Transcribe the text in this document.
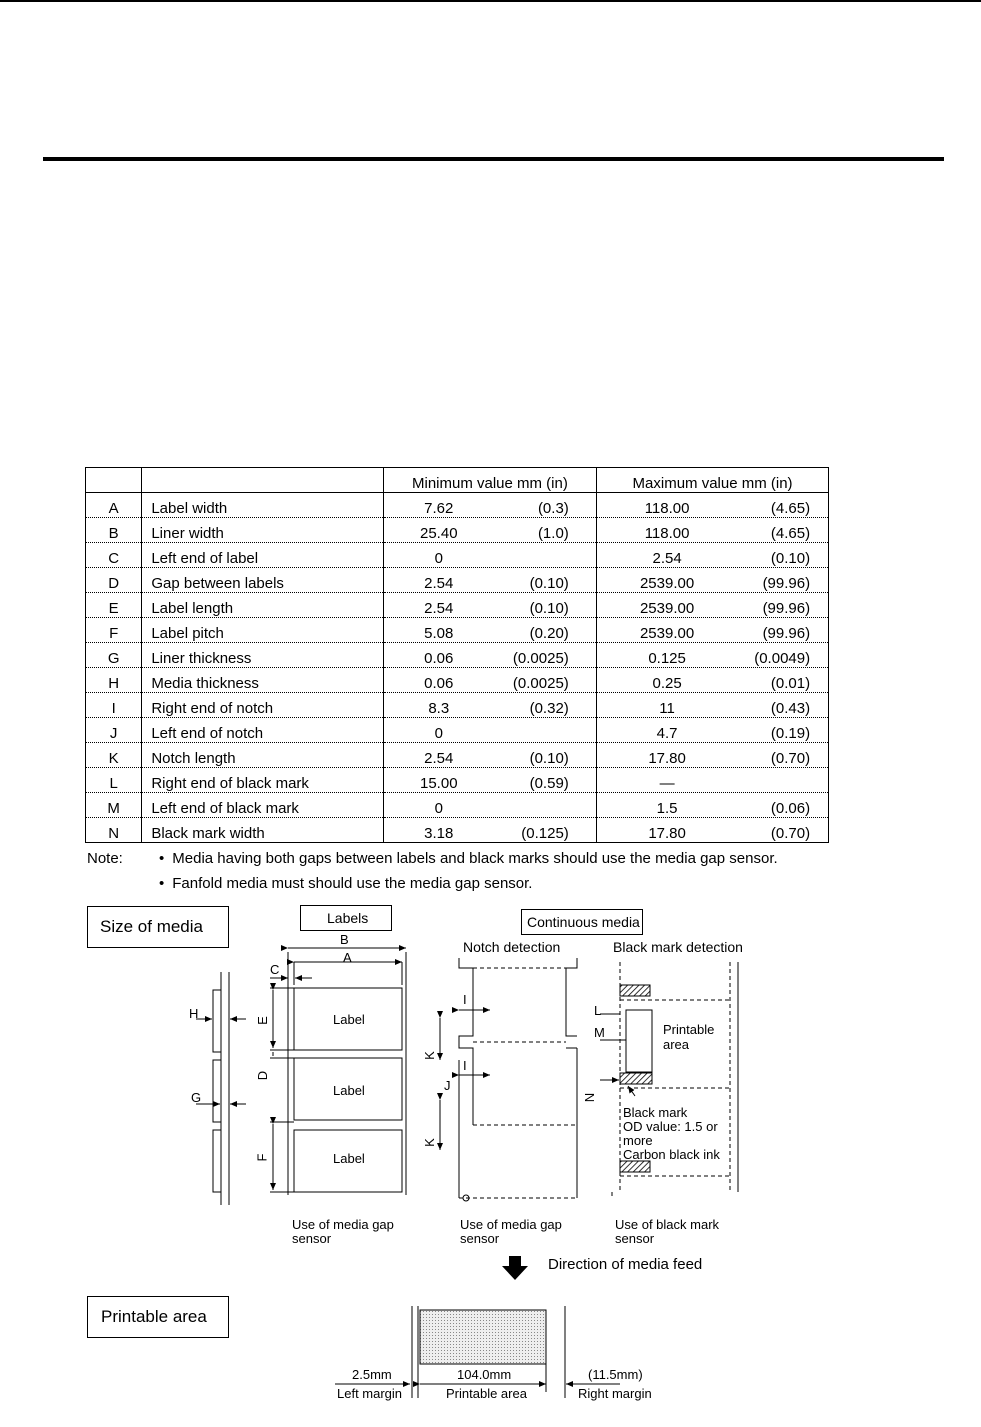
		Minimum value mm (in)	Maximum value mm (in)
A	Label width	7.62 (0.3)	118.00 (4.65)
B	Liner width	25.40 (1.0)	118.00 (4.65)
C	Left end of label	0	2.54 (0.10)
D	Gap between labels	2.54 (0.10)	2539.00 (99.96)
E	Label length	2.54 (0.10)	2539.00 (99.96)
F	Label pitch	5.08 (0.20)	2539.00 (99.96)
G	Liner thickness	0.06 (0.0025)	0.125 (0.0049)
H	Media thickness	0.06 (0.0025)	0.25 (0.01)
I	Right end of notch	8.3 (0.32)	11 (0.43)
J	Left end of notch	0	4.7 (0.19)
K	Notch length	2.54 (0.10)	17.80 (0.70)
L	Right end of black mark	15.00 (0.59)	—
M	Left end of black mark	0	1.5 (0.06)
N	Black mark width	3.18 (0.125)	17.80 (0.70)
Note:	• Media having both gaps between labels and black marks should use the media gap sensor.
• Fanfold media must should use the media gap sensor.
Size of media	Labels	Continuous media
Notch detection	Black mark detection
B
A
C
H
G
E
D
F
Label
Label
Label
I
I
J
K
K
L
M
N
Printable
area
Black mark
OD value: 1.5 or
more
Carbon black ink
Use of media gap
sensor
Use of media gap
sensor
Use of black mark
sensor
Direction of media feed
Printable area
2.5mm	104.0mm	(11.5mm)
Left margin	Printable area	Right margin
